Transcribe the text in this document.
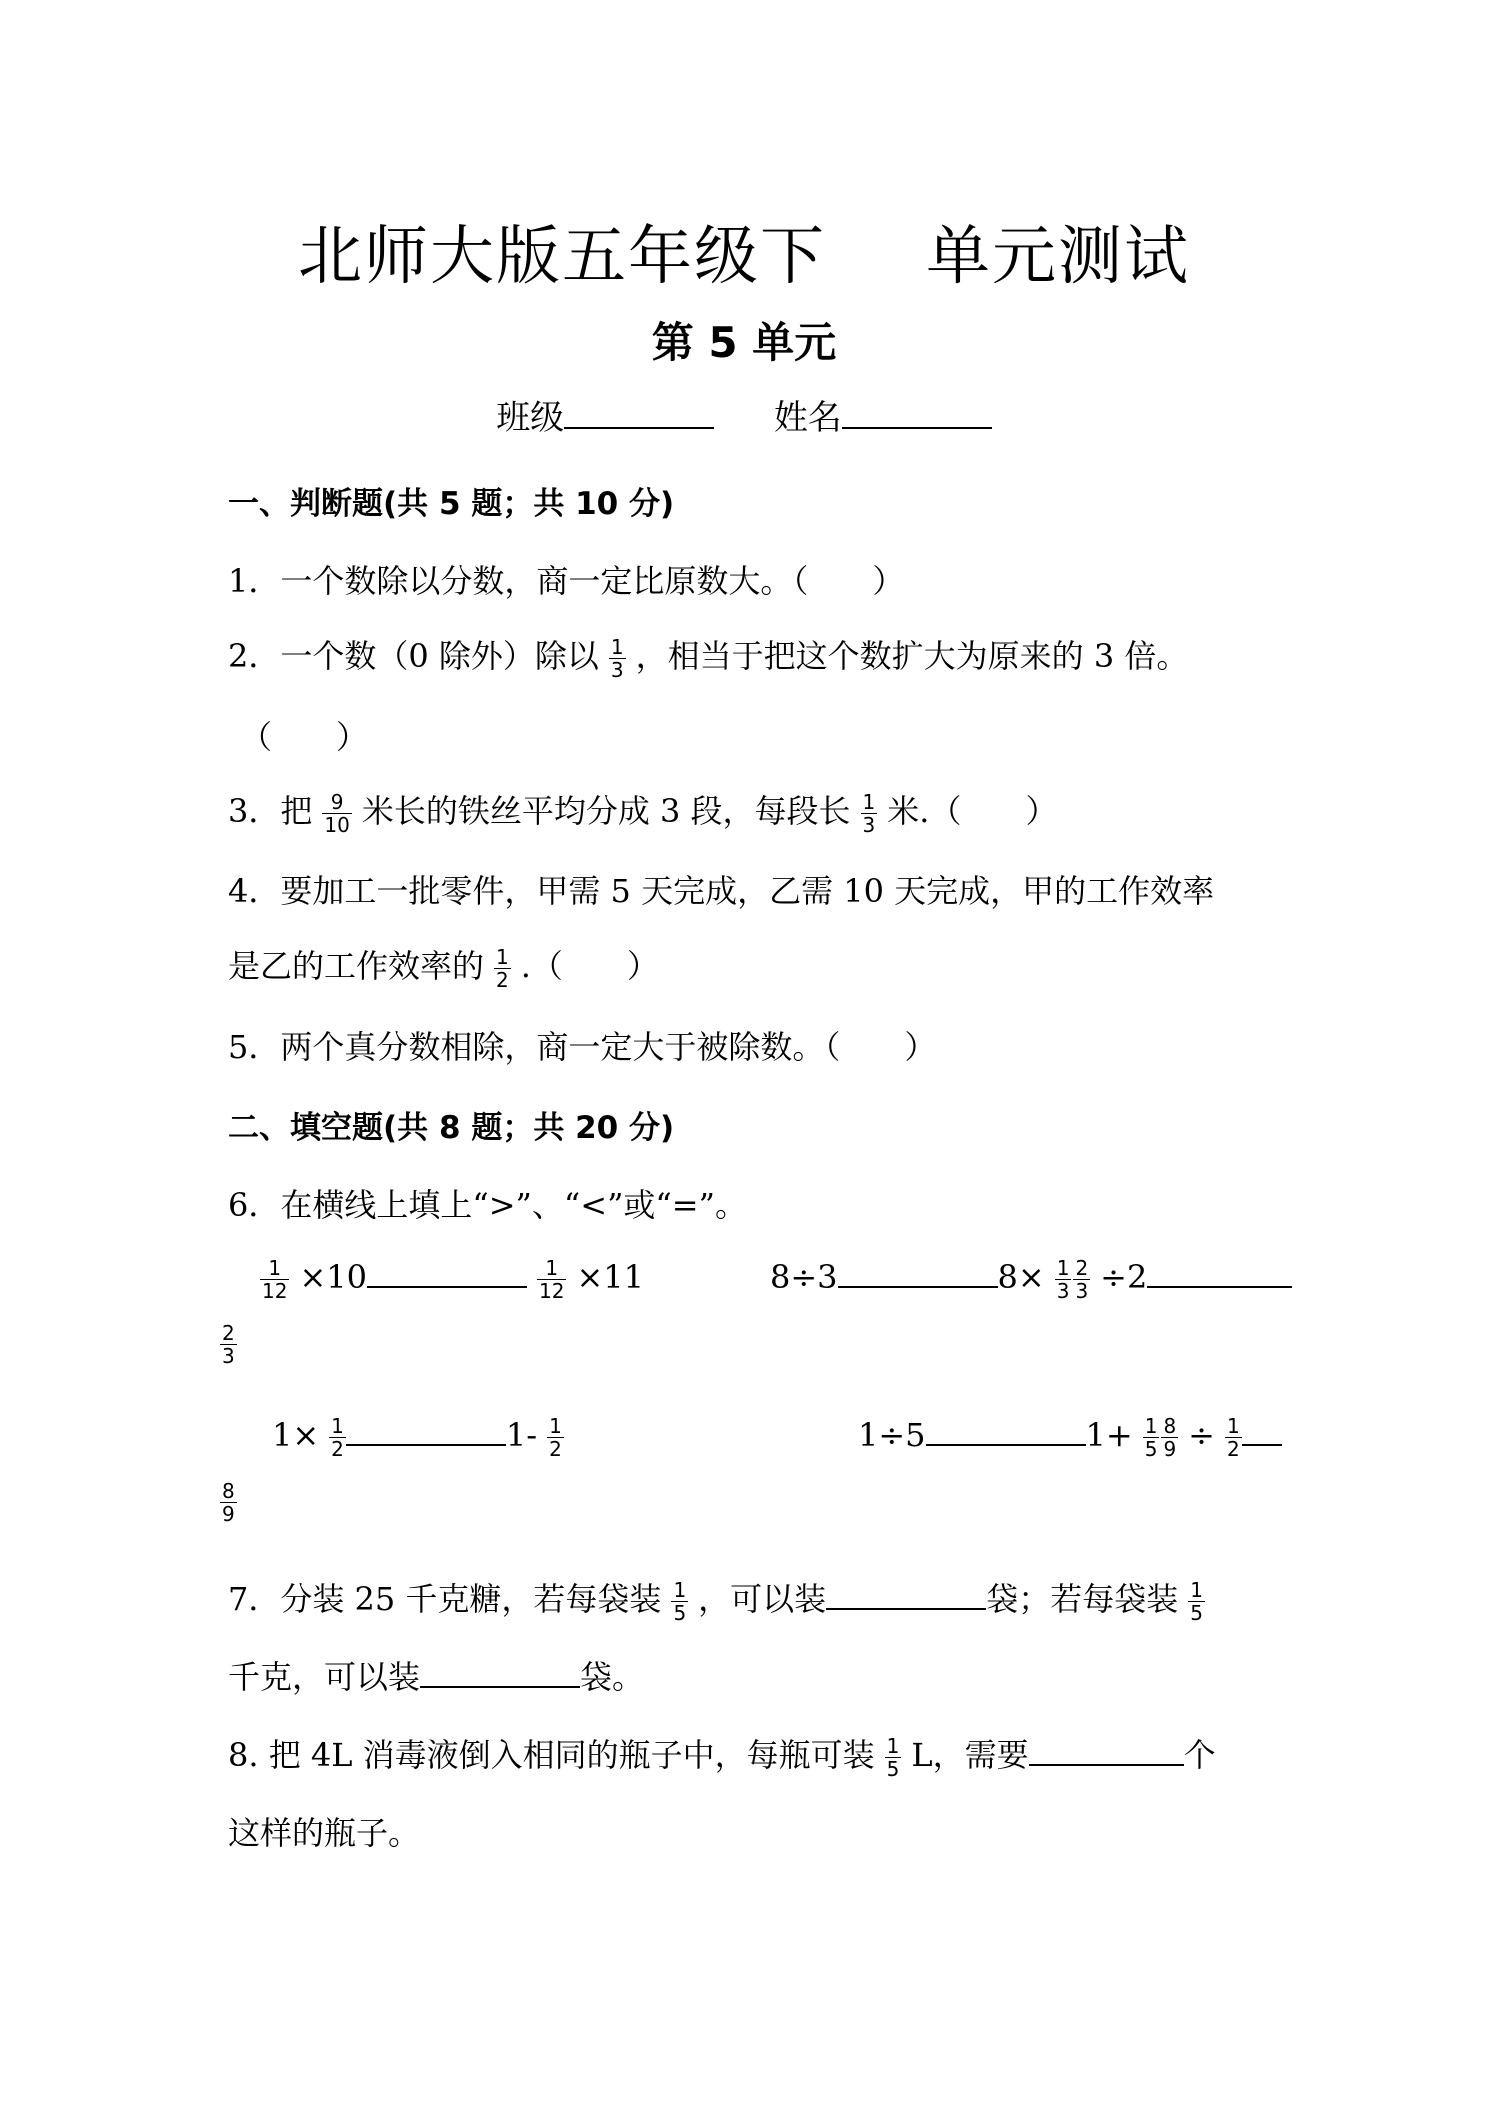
北师大版五年级下 单元测试
第 5 单元
班级	姓名
一、判断题(共 5 题；共 10 分)
1．一个数除以分数，商一定比原数大。（　　）
2．一个数（0 除外）除以 $\frac{1}{3}$ ，相当于把这个数扩大为原来的 3 倍。
（　　）
3．把 $\frac{9}{10}$ 米长的铁丝平均分成 3 段，每段长 $\frac{1}{3}$ 米.（　　）
4．要加工一批零件，甲需 5 天完成，乙需 10 天完成，甲的工作效率
是乙的工作效率的 $\frac{1}{2}$ .（　　）
5．两个真分数相除，商一定大于被除数。（　　）
二、填空题(共 8 题；共 20 分)
6．在横线上填上“>”、“<”或“=”。
$\frac{1}{12} \times 10$	$\frac{1}{12} \times 11$	8÷3	$8\times \frac{1}{3} \frac{2}{3} \div 2$
$\frac{2}{3}$
$1\times \frac{1}{2}$	$1- \frac{1}{2}$	1÷5	$1+ \frac{1}{5} \frac{8}{9} \div \frac{1}{2}$
$\frac{8}{9}$
7．分装 25 千克糖，若每袋装 $\frac{1}{5}$ ，可以装	袋；若每袋装 $\frac{1}{5}$
千克，可以装	袋。
8. 把 4L 消毒液倒入相同的瓶子中，每瓶可装 $\frac{1}{5}$ L，需要	个
这样的瓶子。
